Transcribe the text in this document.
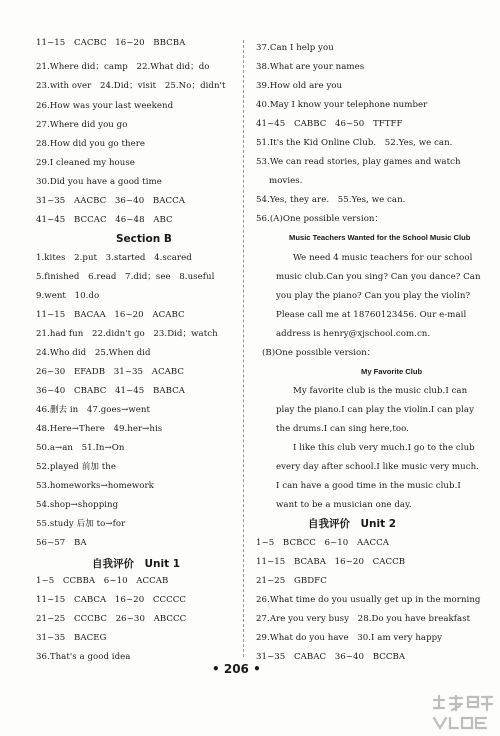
11~15　CACBC　16~20　BBCBA
21.Where did；camp　22.What did；do
23.with over　24.Did；visit　25.No；didn't
26.How was your last weekend
27.Where did you go
28.How did you go there
29.I cleaned my house
30.Did you have a good time
31~35　AACBC　36~40　BACCA
41~45　BCCAC　46~48　ABC
Section B
1.kites　2.put　3.started　4.scared
5.finished　6.read　7.did；see　8.useful
9.went　10.do
11~15　BACAA　16~20　ACABC
21.had fun　22.didn't go　23.Did；watch
24.Who did　25.When did
26~30　EFADB　31~35　ACABC
36~40　CBABC　41~45　BABCA
46.删去 in　47.goes→went
48.Here→There　49.her→his
50.a→an　51.In→On
52.played 前加 the
53.homeworks→homework
54.shop→shopping
55.study 后加 to→for
56~57　BA
自我评价　Unit 1
1~5　CCBBA　6~10　ACCAB
11~15　CABCA　16~20　CCCCC
21~25　CCCBC　26~30　ABCCC
31~35　BACEG
36.That's a good idea
37.Can I help you
38.What are your names
39.How old are you
40.May I know your telephone number
41~45　CABBC　46~50　TFTFF
51.It's the Kid Online Club.　52.Yes, we can.
53.We can read stories, play games and watch
movies.
54.Yes, they are.　55.Yes, we can.
56.(A)One possible version：
Music Teachers Wanted for the School Music Club
We need 4 music teachers for our school
music club.Can you sing? Can you dance? Can
you play the piano? Can you play the violin?
Please call me at 18760123456. Our e-mail
address is henry@xjschool.com.cn.
(B)One possible version：
My Favorite Club
My favorite club is the music club.I can
play the piano.I can play the violin.I can play
the drums.I can sing here,too.
I like this club very much.I go to the club
every day after school.I like music very much.
I can have a good time in the music club.I
want to be a musician one day.
自我评价　Unit 2
1~5　BCBCC　6~10　AACCA
11~15　BCABA　16~20　CACCB
21~25　GBDFC
26.What time do you usually get up in the morning
27.Are you very busy　28.Do you have breakfast
29.What do you have　30.I am very happy
31~35　CABAC　36~40　BCCBA
• 206 •
